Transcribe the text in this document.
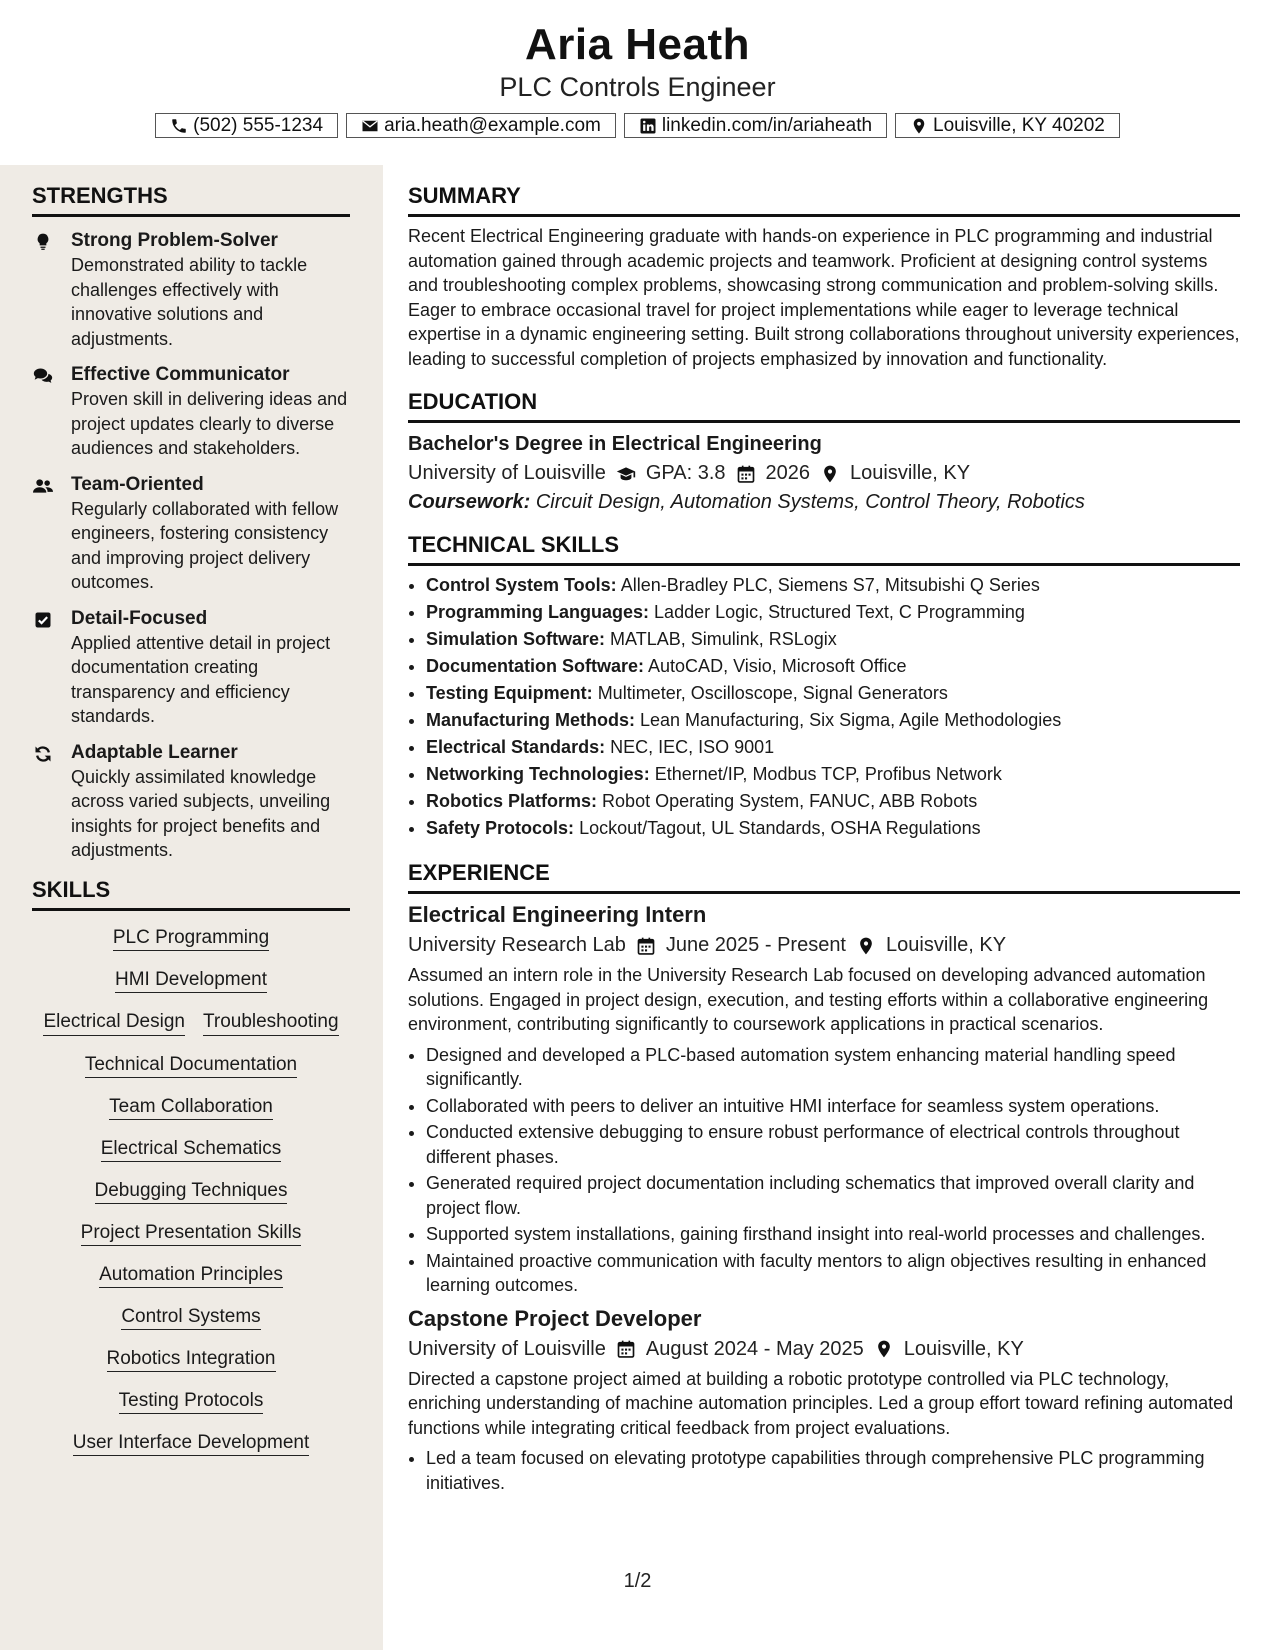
Aria Heath
PLC Controls Engineer
(502) 555-1234	aria.heath@example.com	linkedin.com/in/ariaheath	Louisville, KY 40202
STRENGTHS
Strong Problem-Solver
Demonstrated ability to tackle challenges effectively with innovative solutions and adjustments.
Effective Communicator
Proven skill in delivering ideas and project updates clearly to diverse audiences and stakeholders.
Team-Oriented
Regularly collaborated with fellow engineers, fostering consistency and improving project delivery outcomes.
Detail-Focused
Applied attentive detail in project documentation creating transparency and efficiency standards.
Adaptable Learner
Quickly assimilated knowledge across varied subjects, unveiling insights for project benefits and adjustments.
SKILLS
PLC Programming
HMI Development
Electrical Design Troubleshooting
Technical Documentation
Team Collaboration
Electrical Schematics
Debugging Techniques
Project Presentation Skills
Automation Principles
Control Systems
Robotics Integration
Testing Protocols
User Interface Development
SUMMARY
Recent Electrical Engineering graduate with hands-on experience in PLC programming and industrial automation gained through academic projects and teamwork. Proficient at designing control systems and troubleshooting complex problems, showcasing strong communication and problem-solving skills. Eager to embrace occasional travel for project implementations while eager to leverage technical expertise in a dynamic engineering setting. Built strong collaborations throughout university experiences, leading to successful completion of projects emphasized by innovation and functionality.
EDUCATION
Bachelor's Degree in Electrical Engineering
University of Louisville GPA: 3.8 2026 Louisville, KY
Coursework: Circuit Design, Automation Systems, Control Theory, Robotics
TECHNICAL SKILLS
• Control System Tools: Allen-Bradley PLC, Siemens S7, Mitsubishi Q Series
• Programming Languages: Ladder Logic, Structured Text, C Programming
• Simulation Software: MATLAB, Simulink, RSLogix
• Documentation Software: AutoCAD, Visio, Microsoft Office
• Testing Equipment: Multimeter, Oscilloscope, Signal Generators
• Manufacturing Methods: Lean Manufacturing, Six Sigma, Agile Methodologies
• Electrical Standards: NEC, IEC, ISO 9001
• Networking Technologies: Ethernet/IP, Modbus TCP, Profibus Network
• Robotics Platforms: Robot Operating System, FANUC, ABB Robots
• Safety Protocols: Lockout/Tagout, UL Standards, OSHA Regulations
EXPERIENCE
Electrical Engineering Intern
University Research Lab June 2025 - Present Louisville, KY
Assumed an intern role in the University Research Lab focused on developing advanced automation solutions. Engaged in project design, execution, and testing efforts within a collaborative engineering environment, contributing significantly to coursework applications in practical scenarios.
• Designed and developed a PLC-based automation system enhancing material handling speed significantly.
• Collaborated with peers to deliver an intuitive HMI interface for seamless system operations.
• Conducted extensive debugging to ensure robust performance of electrical controls throughout different phases.
• Generated required project documentation including schematics that improved overall clarity and project flow.
• Supported system installations, gaining firsthand insight into real-world processes and challenges.
• Maintained proactive communication with faculty mentors to align objectives resulting in enhanced learning outcomes.
Capstone Project Developer
University of Louisville August 2024 - May 2025 Louisville, KY
Directed a capstone project aimed at building a robotic prototype controlled via PLC technology, enriching understanding of machine automation principles. Led a group effort toward refining automated functions while integrating critical feedback from project evaluations.
• Led a team focused on elevating prototype capabilities through comprehensive PLC programming initiatives.
1/2
